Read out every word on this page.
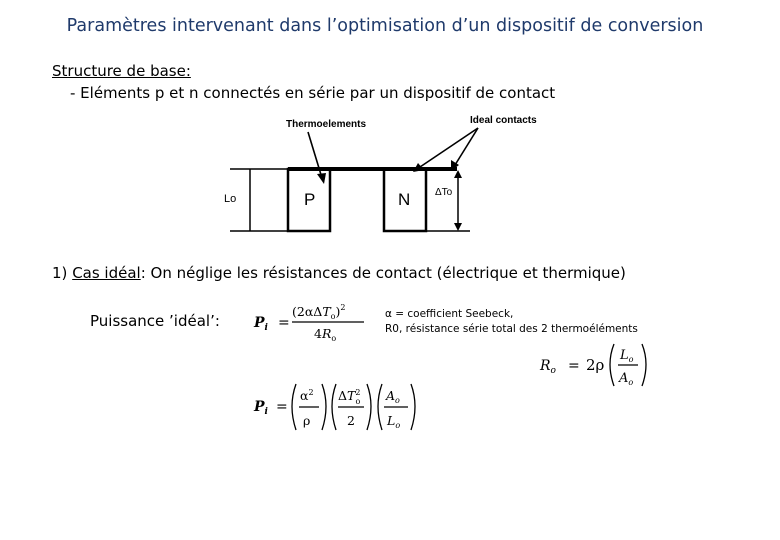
Paramètres intervenant dans l’optimisation d’un dispositif de conversion
Structure de base:
- Eléments p et n connectés en série par un dispositif de contact
Thermoelements	Ideal contacts
P	N
Lo
ΔTo
1) Cas idéal: On néglige les résistances de contact (électrique et thermique)
Puissance ’idéal’: $P_i$ =
$(2\alpha\Delta T_o)^2$
$4R_o$
α = coefficient Seebeck,
R0, résistance série total des 2 thermoéléments
$R_o = 2\rho$
$L_o$
$A_o$
$P_i$ =
$\alpha^2$
ρ
$\Delta T^2$ o
2
$A_o$
$L_o$
